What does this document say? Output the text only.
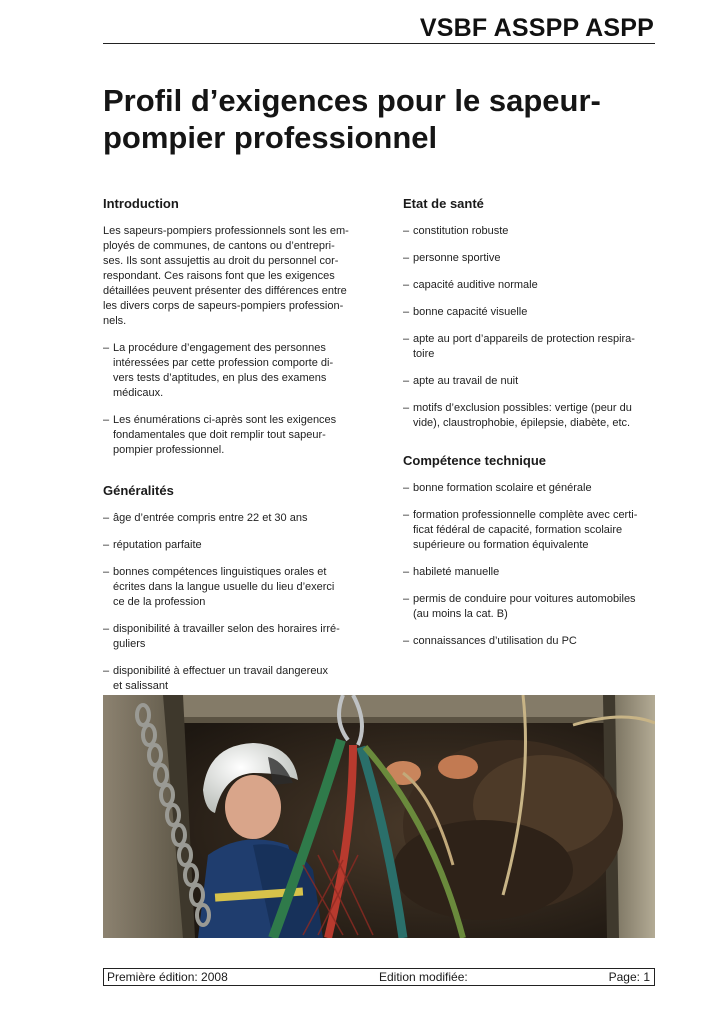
VSBF ASSPP ASPP
Profil d’exigences pour le sapeur-
pompier professionnel
Introduction

Les sapeurs-pompiers professionnels sont les em-
ployés de communes, de cantons ou d’entrepri-
ses. Ils sont assujettis au droit du personnel cor-
respondant. Ces raisons font que les exigences
détaillées peuvent présenter des différences entre
les divers corps de sapeurs-pompiers profession-
nels.

– La procédure d’engagement des personnes
intéressées par cette profession comporte di-
vers tests d’aptitudes, en plus des examens
médicaux.
– Les énumérations ci-après sont les exigences
fondamentales que doit remplir tout sapeur-
pompier professionnel.
Généralités
– âge d’entrée compris entre 22 et 30 ans
– réputation parfaite
– bonnes compétences linguistiques orales et
écrites dans la langue usuelle du lieu d’exerci
ce de la profession
– disponibilité à travailler selon des horaires irré-
guliers
– disponibilité à effectuer un travail dangereux
et salissant
Etat de santé
– constitution robuste
– personne sportive
– capacité auditive normale
– bonne capacité visuelle
– apte au port d’appareils de protection respira-
toire
– apte au travail de nuit
– motifs d’exclusion possibles: vertige (peur du
vide), claustrophobie, épilepsie, diabète, etc.
Compétence technique
– bonne formation scolaire et générale
– formation professionnelle complète avec certi-
ficat fédéral de capacité, formation scolaire
supérieure ou formation équivalente
– habileté manuelle
– permis de conduire pour voitures automobiles
(au moins la cat. B)
– connaissances d’utilisation du PC
Première édition: 2008	Edition modifiée:	Page: 1
